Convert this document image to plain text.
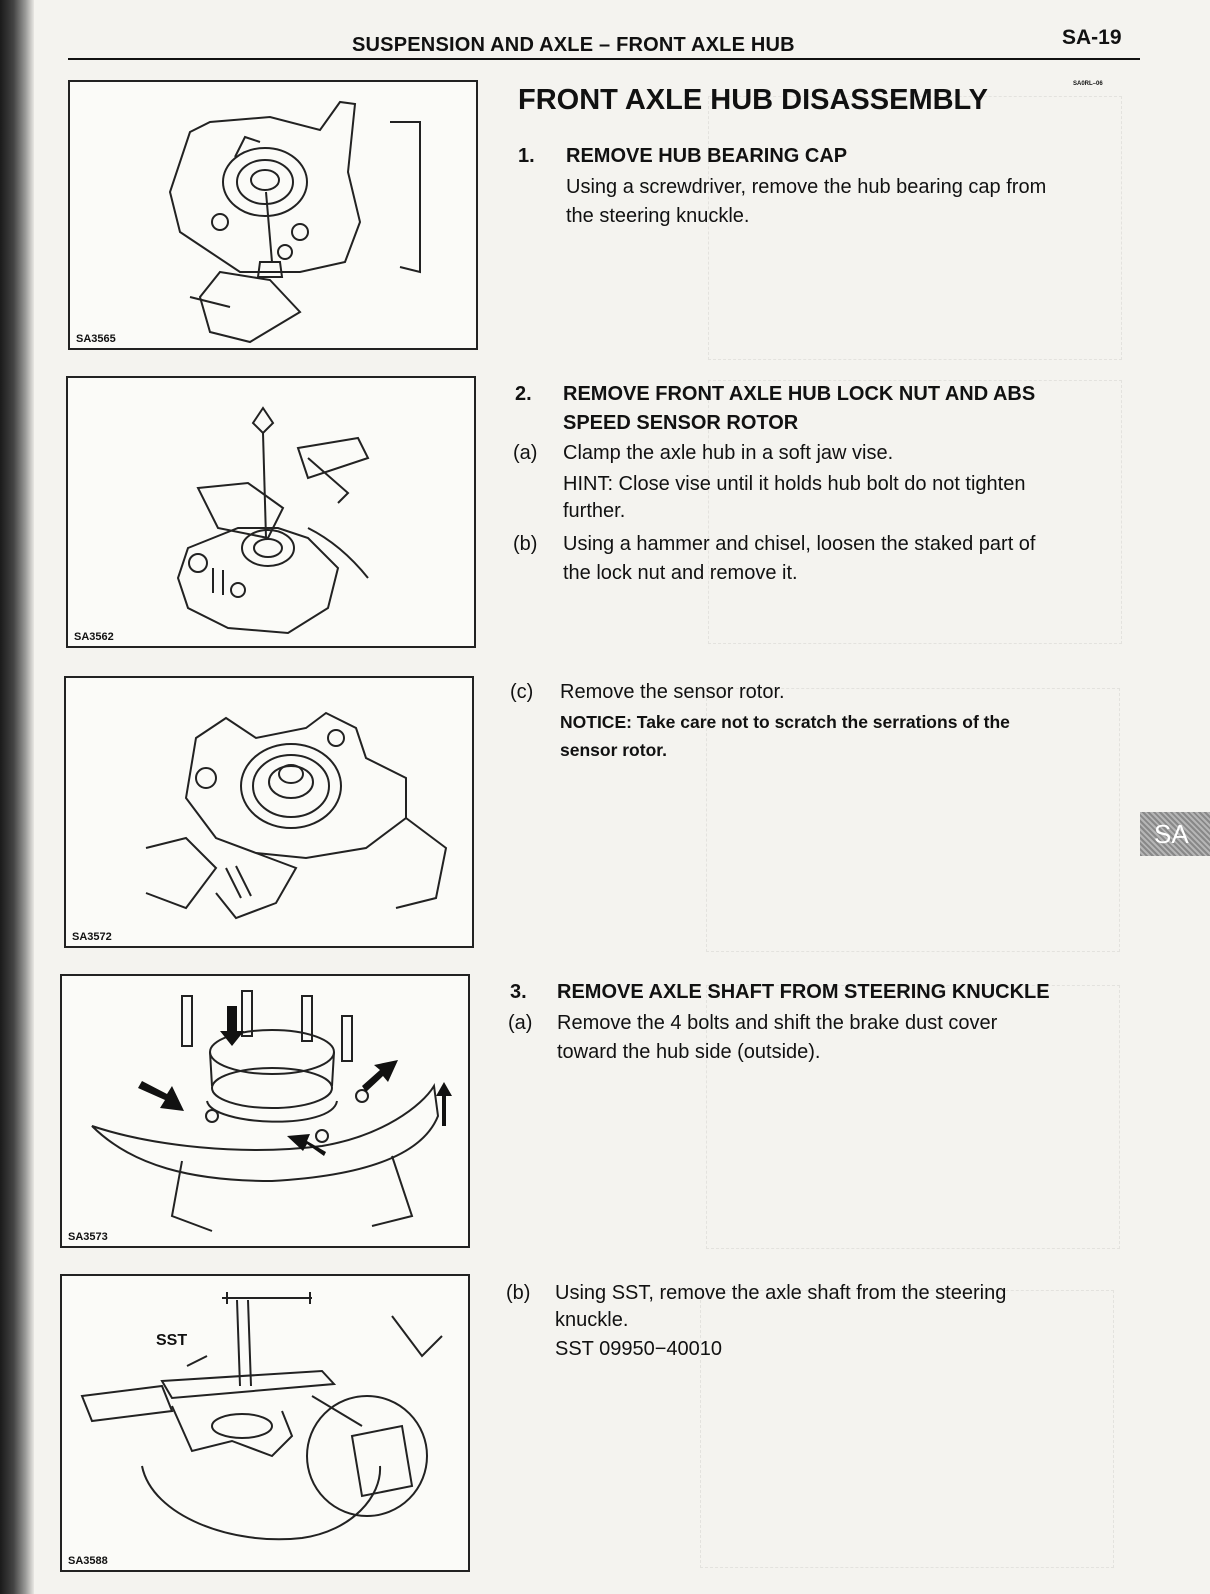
SUSPENSION AND AXLE – FRONT AXLE HUB	SA-19
SA0RL–06
SA3565
SA3562
SA3572
SA3573
SST
SA3588
FRONT AXLE HUB DISASSEMBLY
1. REMOVE HUB BEARING CAP
Using a screwdriver, remove the hub bearing cap from
the steering knuckle.
2. REMOVE FRONT AXLE HUB LOCK NUT AND ABS
SPEED SENSOR ROTOR
(a) Clamp the axle hub in a soft jaw vise.
HINT: Close vise until it holds hub bolt do not tighten
further.
(b) Using a hammer and chisel, loosen the staked part of
the lock nut and remove it.
(c) Remove the sensor rotor.
NOTICE: Take care not to scratch the serrations of the
sensor rotor.
3. REMOVE AXLE SHAFT FROM STEERING KNUCKLE
(a) Remove the 4 bolts and shift the brake dust cover
toward the hub side (outside).
(b) Using SST, remove the axle shaft from the steering
knuckle.
SST 09950−40010
SA
